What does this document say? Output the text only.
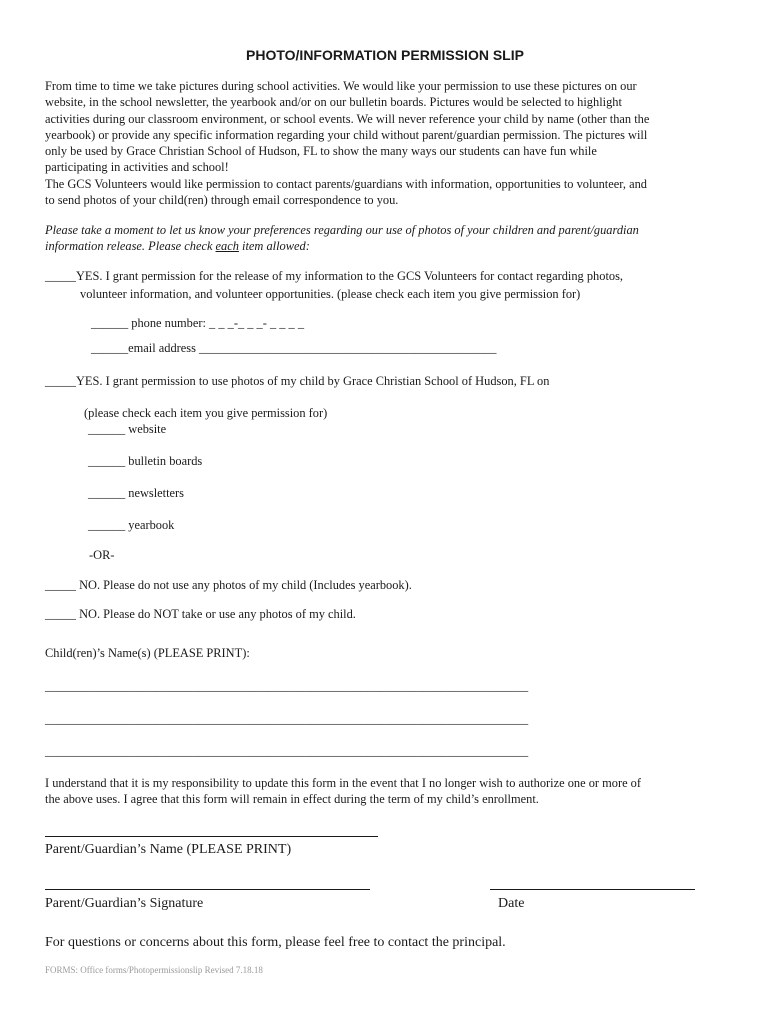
PHOTO/INFORMATION PERMISSION SLIP
From time to time we take pictures during school activities. We would like your permission to use these pictures on our
website, in the school newsletter, the yearbook and/or on our bulletin boards. Pictures would be selected to highlight
activities during our classroom environment, or school events. We will never reference your child by name (other than the
yearbook) or provide any specific information regarding your child without parent/guardian permission. The pictures will
only be used by Grace Christian School of Hudson, FL to show the many ways our students can have fun while
participating in activities and school!
The GCS Volunteers would like permission to contact parents/guardians with information, opportunities to volunteer, and
to send photos of your child(ren) through email correspondence to you.
Please take a moment to let us know your preferences regarding our use of photos of your children and parent/guardian
information release. Please check each item allowed:
_____YES. I grant permission for the release of my information to the GCS Volunteers for contact regarding photos,
volunteer information, and volunteer opportunities. (please check each item you give permission for)
______ phone number: _ _ _-_ _ _- _ _ _ _
______email address ________________________________________________
_____YES. I grant permission to use photos of my child by Grace Christian School of Hudson, FL on
(please check each item you give permission for)
______ website
______ bulletin boards
______ newsletters
______ yearbook
-OR-
_____ NO. Please do not use any photos of my child (Includes yearbook).
_____ NO. Please do NOT take or use any photos of my child.
Child(ren)’s Name(s) (PLEASE PRINT):
______________________________________________________________________________
______________________________________________________________________________
______________________________________________________________________________
I understand that it is my responsibility to update this form in the event that I no longer wish to authorize one or more of
the above uses. I agree that this form will remain in effect during the term of my child’s enrollment.
Parent/Guardian’s Name (PLEASE PRINT)
Parent/Guardian’s Signature	Date
For questions or concerns about this form, please feel free to contact the principal.
FORMS: Office forms/Photopermissionslip Revised 7.18.18
